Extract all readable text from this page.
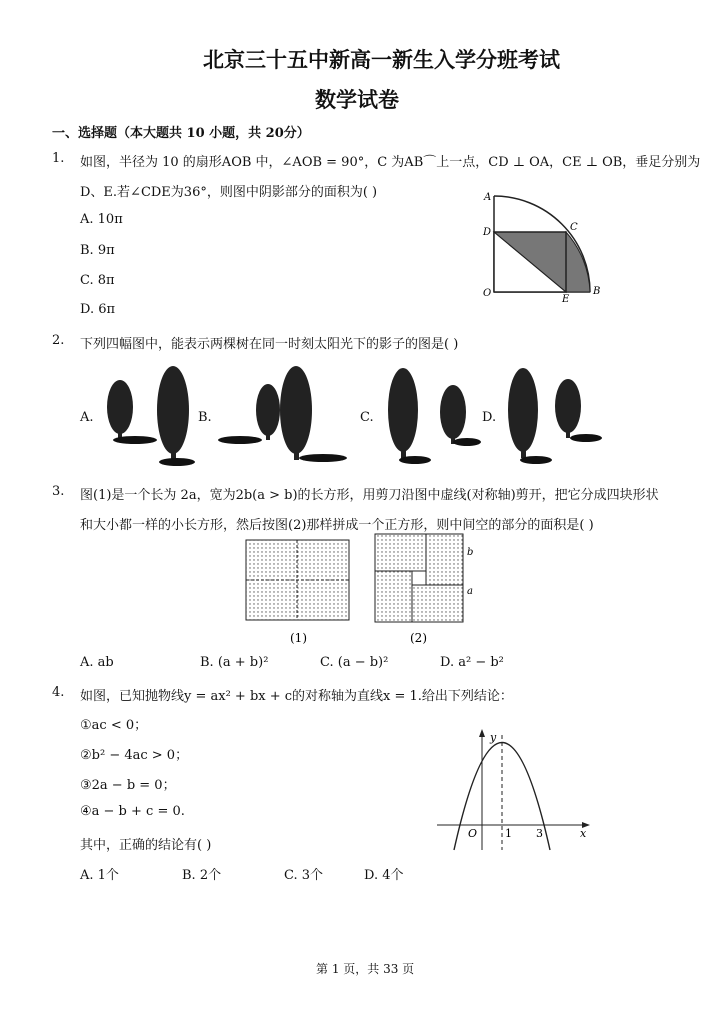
北京三十五中新高一新生入学分班考试
数学试卷
一、选择题（本大题共 10 小题，共 20分）
1. 如图，半径为 10 的扇形AOB 中，∠AOB = 90°，C 为AB⌒上一点，CD ⊥ OA，CE ⊥ OB，垂足分别为
D、E.若∠CDE为36°，则图中阴影部分的面积为( )
A. 10π
B. 9π
C. 8π
D. 6π
A
C
D
O
E
B
2. 下列四幅图中，能表示两棵树在同一时刻太阳光下的影子的图是( )
A.	B.	C.	D.
3. 图(1)是一个长为 2a，宽为2b(a > b)的长方形，用剪刀沿图中虚线(对称轴)剪开，把它分成四块形状
和大小都一样的小长方形，然后按图(2)那样拼成一个正方形，则中间空的部分的面积是( )
(1)	(2)
b
a
A. ab	B. (a + b)²	C. (a − b)²	D. a² − b²
4. 如图，已知抛物线y = ax² + bx + c的对称轴为直线x = 1.给出下列结论：
①ac < 0；
②b² − 4ac > 0；
③2a − b = 0；
④a − b + c = 0.
其中，正确的结论有( )
A. 1个	B. 2个	C. 3个	D. 4个
y
x
O	1 3
第 1 页，共 33 页
